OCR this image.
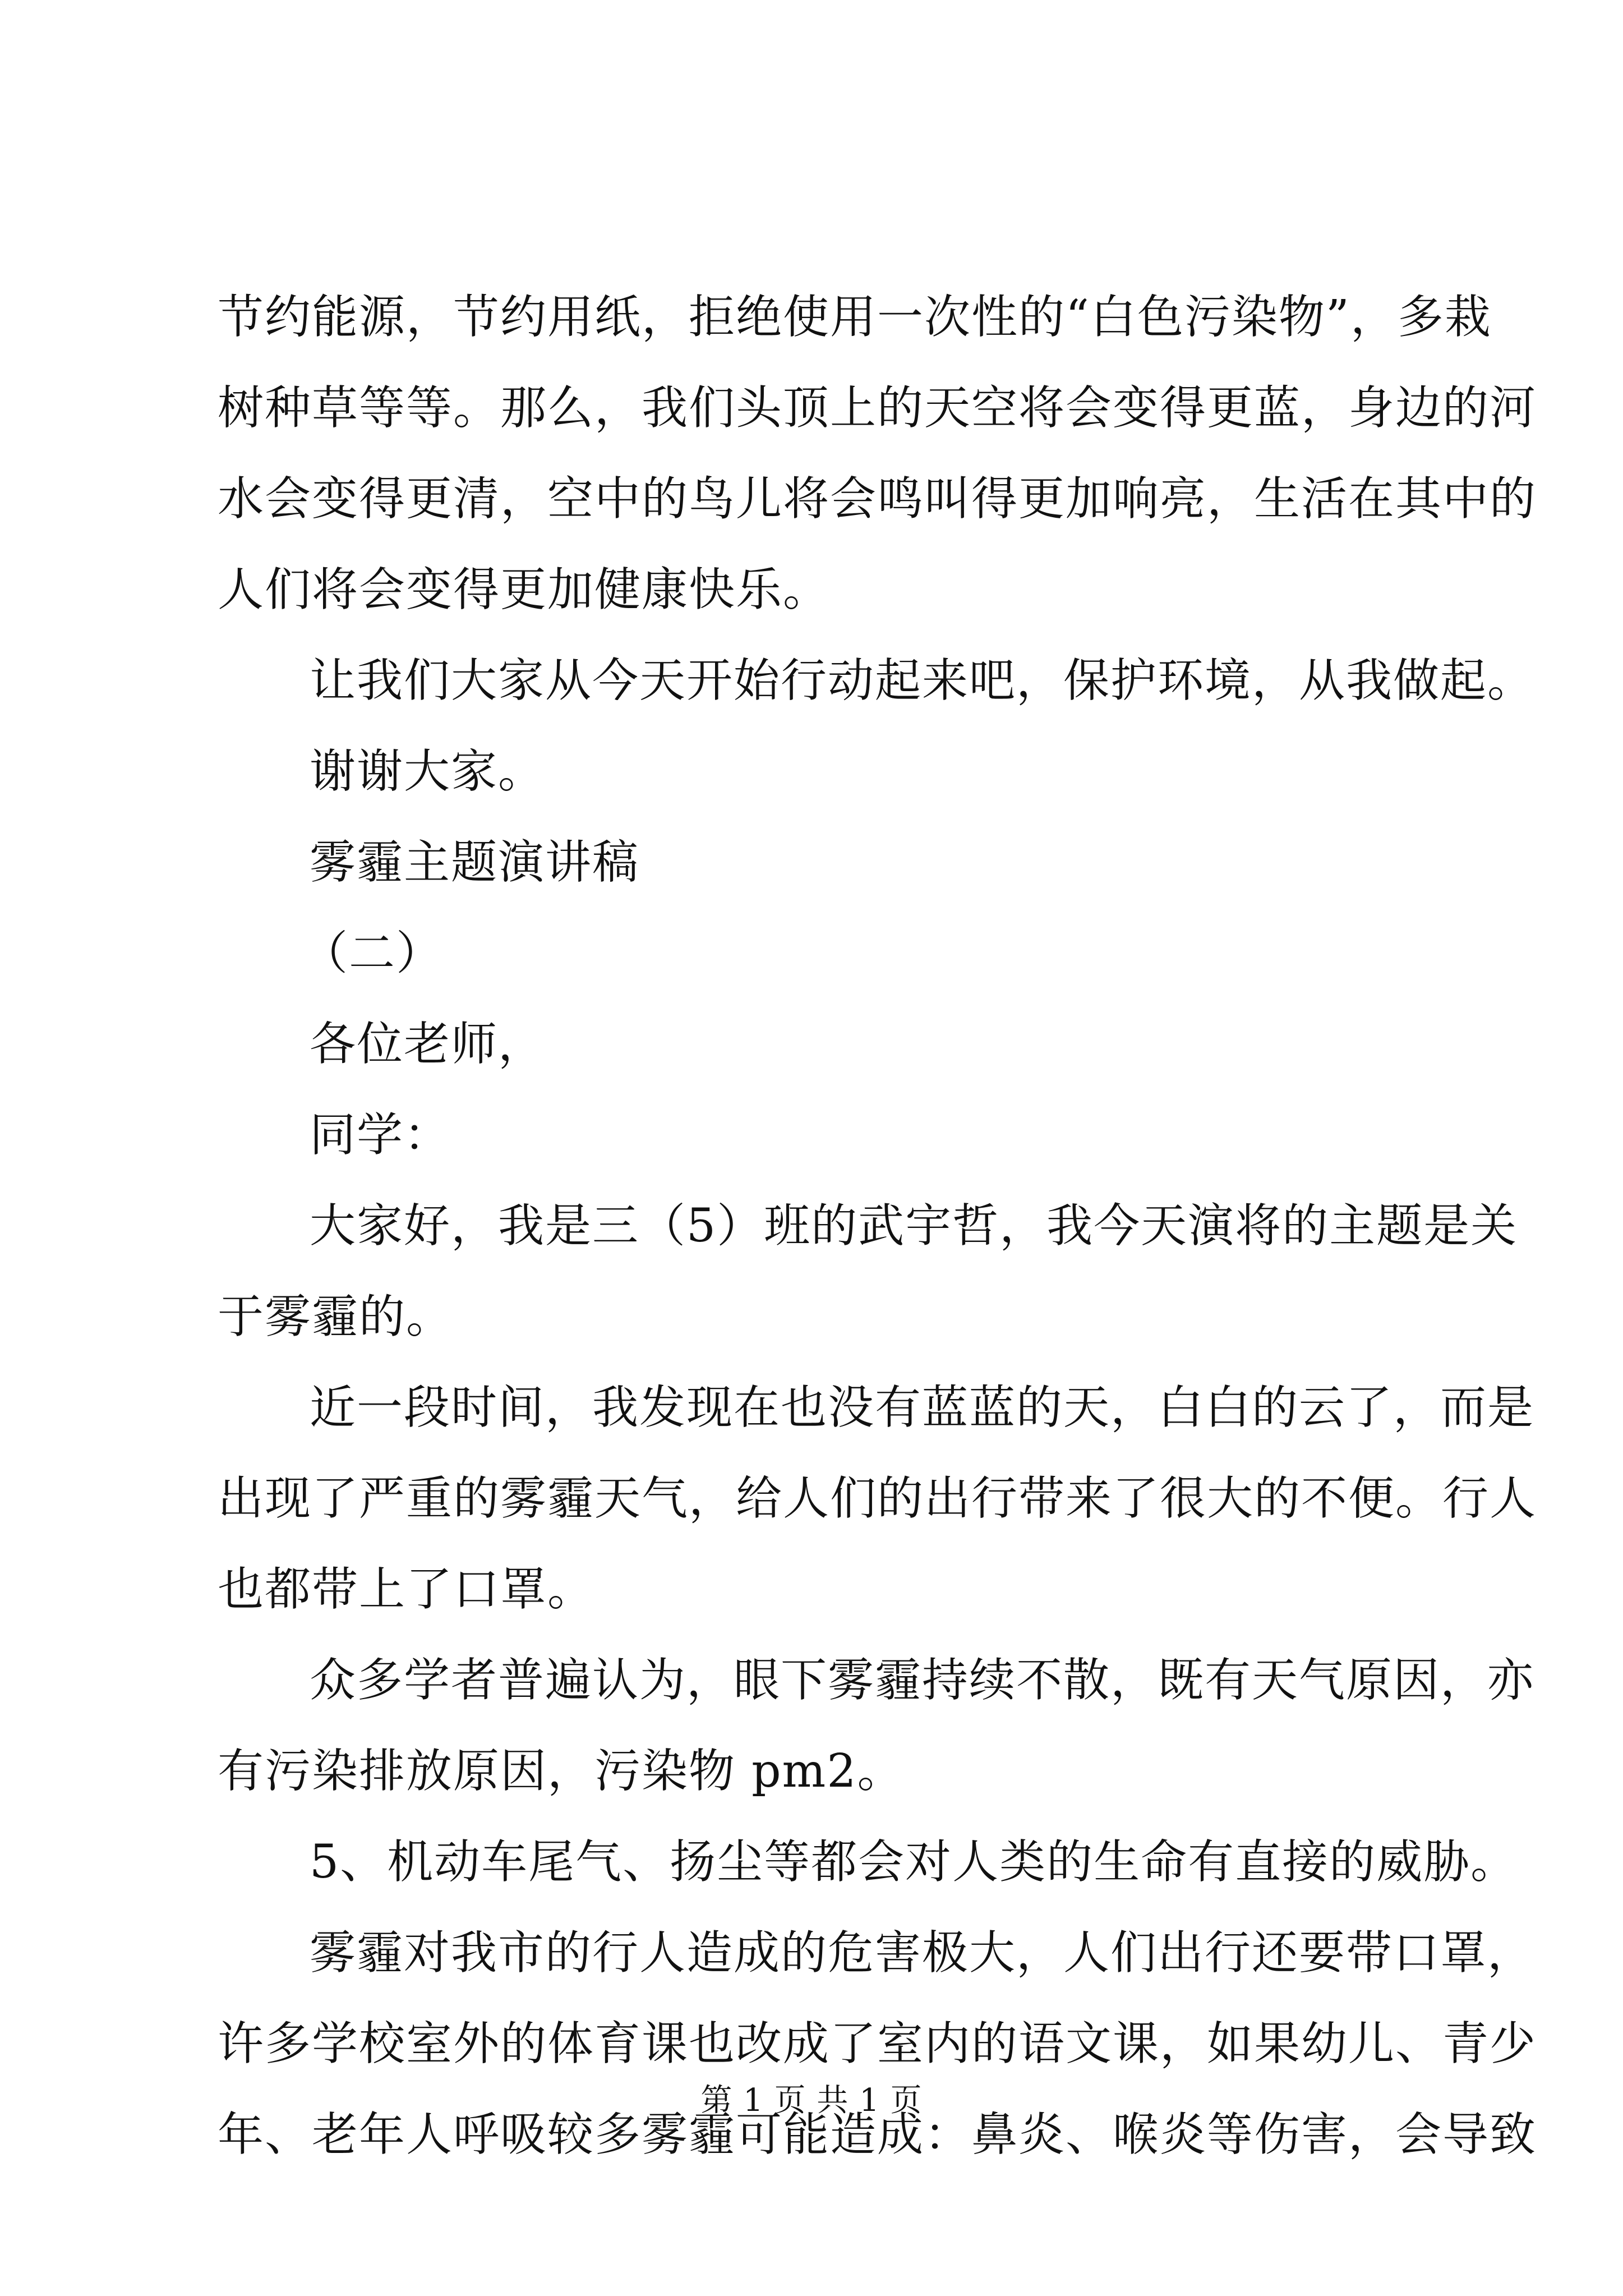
节约能源，节约用纸，拒绝使用一次性的“白色污染物”，多栽
树种草等等。那么，我们头顶上的天空将会变得更蓝，身边的河
水会变得更清，空中的鸟儿将会鸣叫得更加响亮，生活在其中的
人们将会变得更加健康快乐。
让我们大家从今天开始行动起来吧，保护环境，从我做起。
谢谢大家。
雾霾主题演讲稿
（二）
各位老师，
同学：
大家好，我是三（5）班的武宇哲，我今天演将的主题是关
于雾霾的。
近一段时间，我发现在也没有蓝蓝的天，白白的云了，而是
出现了严重的雾霾天气，给人们的出行带来了很大的不便。行人
也都带上了口罩。
众多学者普遍认为，眼下雾霾持续不散，既有天气原因，亦
有污染排放原因，污染物 pm2。
5、机动车尾气、扬尘等都会对人类的生命有直接的威胁。
雾霾对我市的行人造成的危害极大，人们出行还要带口罩，
许多学校室外的体育课也改成了室内的语文课，如果幼儿、青少
年、老年人呼吸较多雾霾可能造成：鼻炎、喉炎等伤害，会导致
第 1 页 共 1 页
